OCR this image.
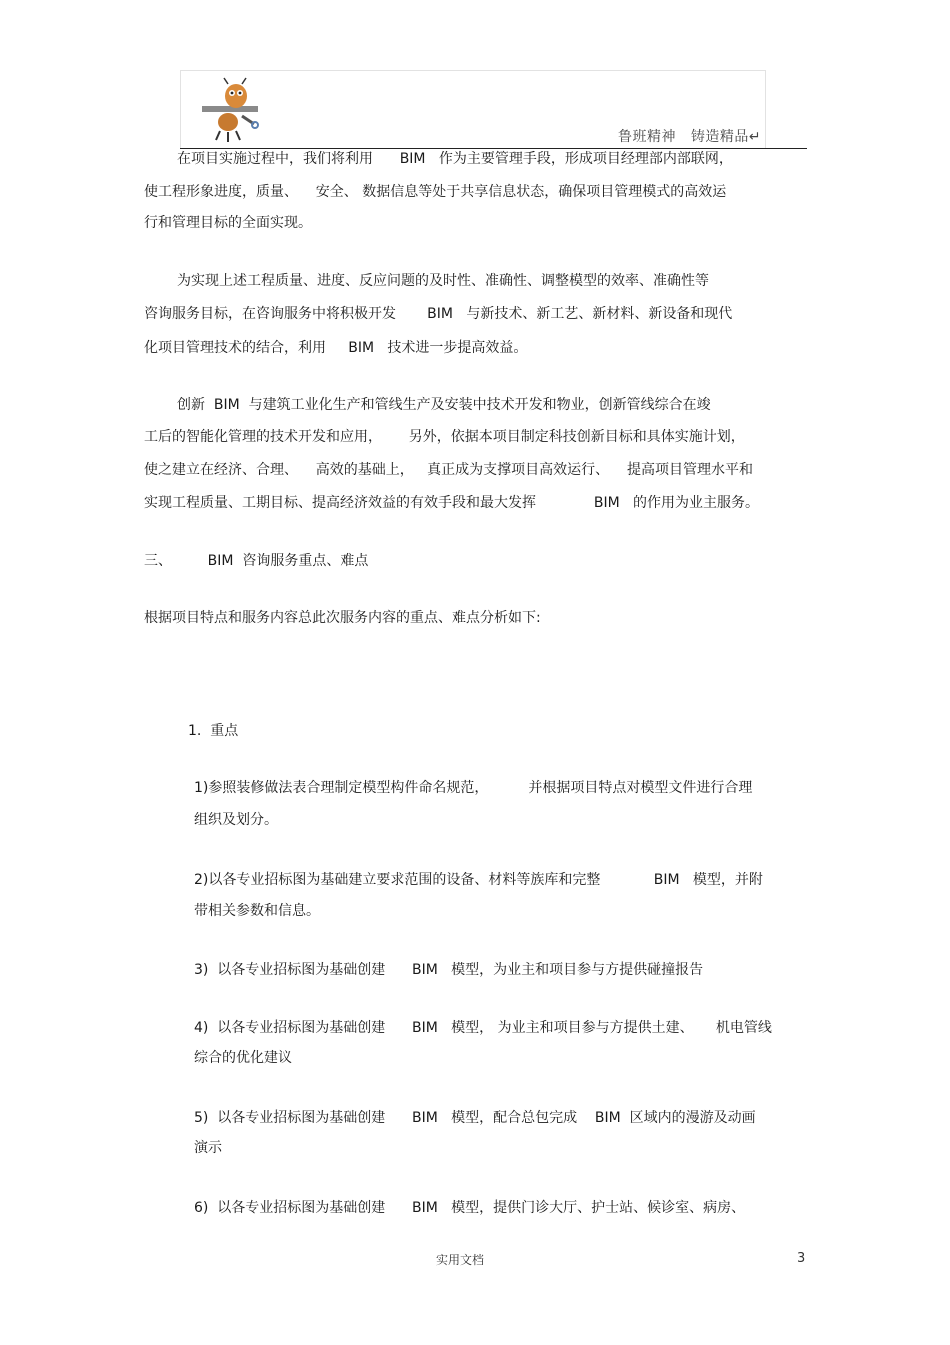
鲁班精神   铸造精品↵
在项目实施过程中，我们将利用      BIM   作为主要管理手段，形成项目经理部内部联网，
使工程形象进度，质量、    安全、 数据信息等处于共享信息状态，确保项目管理模式的高效运
行和管理目标的全面实现。
为实现上述工程质量、进度、反应问题的及时性、准确性、调整模型的效率、准确性等
咨询服务目标，在咨询服务中将积极开发       BIM   与新技术、新工艺、新材料、新设备和现代
化项目管理技术的结合，利用     BIM   技术进一步提高效益。
创新  BIM  与建筑工业化生产和管线生产及安装中技术开发和物业，创新管线综合在竣
工后的智能化管理的技术开发和应用，      另外，依据本项目制定科技创新目标和具体实施计划，
使之建立在经济、合理、    高效的基础上，   真正成为支撑项目高效运行、    提高项目管理水平和
实现工程质量、工期目标、提高经济效益的有效手段和最大发挥             BIM   的作用为业主服务。
三、        BIM  咨询服务重点、难点
根据项目特点和服务内容总此次服务内容的重点、难点分析如下:
1.  重点
1)参照装修做法表合理制定模型构件命名规范，         并根据项目特点对模型文件进行合理
组织及划分。
2)以各专业招标图为基础建立要求范围的设备、材料等族库和完整            BIM   模型，并附
带相关参数和信息。
3)  以各专业招标图为基础创建      BIM   模型，为业主和项目参与方提供碰撞报告
4)  以各专业招标图为基础创建      BIM   模型， 为业主和项目参与方提供土建、     机电管线
综合的优化建议
5)  以各专业招标图为基础创建      BIM   模型，配合总包完成    BIM  区域内的漫游及动画
演示
6)  以各专业招标图为基础创建      BIM   模型，提供门诊大厅、护士站、候诊室、病房、
实用文档	3
